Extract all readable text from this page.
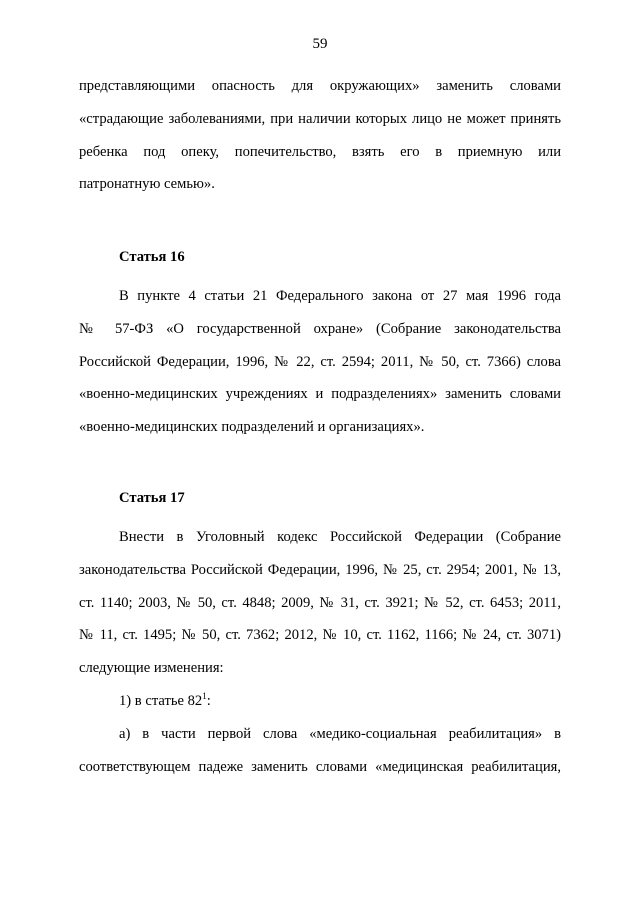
59
представляющими опасность для окружающих» заменить словами
«страдающие заболеваниями, при наличии которых лицо не может принять
ребенка под опеку, попечительство, взять его в приемную или
патронатную семью».
Статья 16
В пункте 4 статьи 21 Федерального закона от 27 мая 1996 года
№ 57-ФЗ «О государственной охране» (Собрание законодательства
Российской Федерации, 1996, № 22, ст. 2594; 2011, № 50, ст. 7366) слова
«военно-медицинских учреждениях и подразделениях» заменить словами
«военно-медицинских подразделений и организациях».
Статья 17
Внести в Уголовный кодекс Российской Федерации (Собрание
законодательства Российской Федерации, 1996, № 25, ст. 2954; 2001, № 13,
ст. 1140; 2003, № 50, ст. 4848; 2009, № 31, ст. 3921; № 52, ст. 6453; 2011,
№ 11, ст. 1495; № 50, ст. 7362; 2012, № 10, ст. 1162, 1166; № 24, ст. 3071)
следующие изменения:
1) в статье $82^1$:
а) в части первой слова «медико-социальная реабилитация» в
соответствующем падеже заменить словами «медицинская реабилитация,
